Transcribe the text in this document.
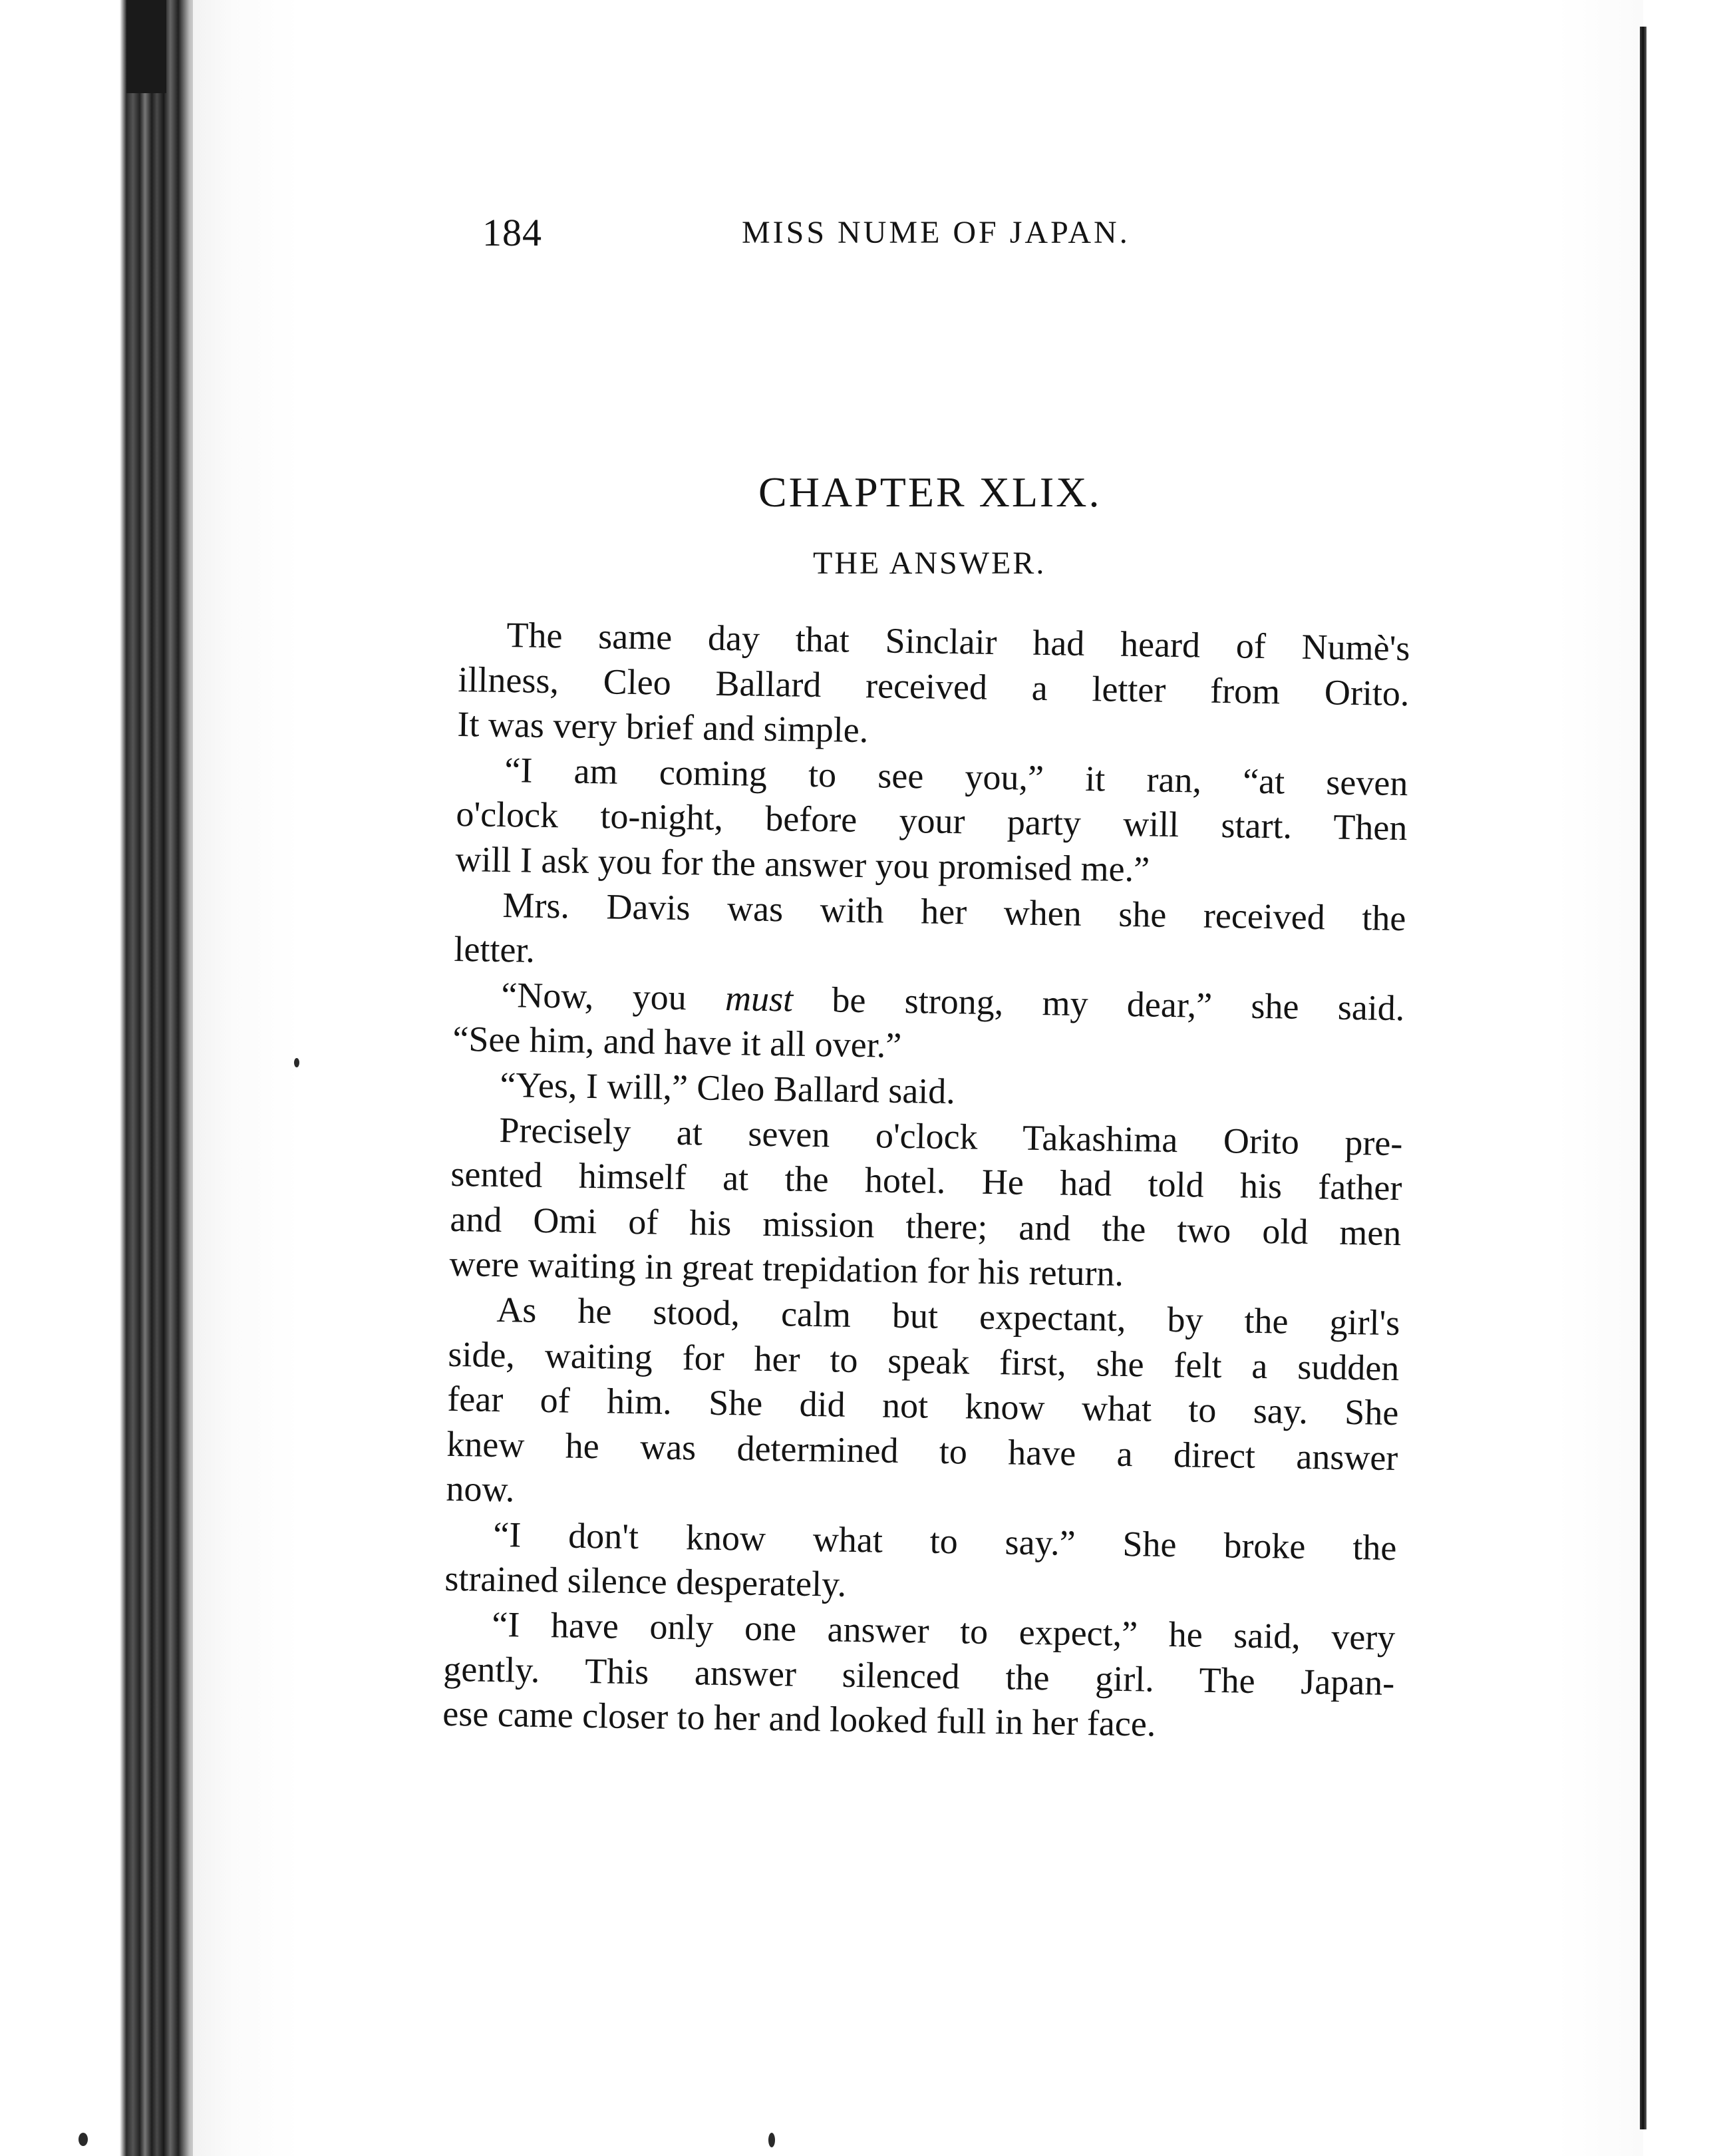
184	MISS NUME OF JAPAN.
CHAPTER XLIX.
THE ANSWER.
The same day that Sinclair had heard of Numè's
illness, Cleo Ballard received a letter from Orito.
It was very brief and simple.
“I am coming to see you,” it ran, “at seven
o'clock to-night, before your party will start. Then
will I ask you for the answer you promised me.”
Mrs. Davis was with her when she received the
letter.
“Now, you must be strong, my dear,” she said.
“See him, and have it all over.”
“Yes, I will,” Cleo Ballard said.
Precisely at seven o'clock Takashima Orito pre-
sented himself at the hotel. He had told his father
and Omi of his mission there; and the two old men
were waiting in great trepidation for his return.
As he stood, calm but expectant, by the girl's
side, waiting for her to speak first, she felt a sudden
fear of him. She did not know what to say. She
knew he was determined to have a direct answer
now.
“I don't know what to say.” She broke the
strained silence desperately.
“I have only one answer to expect,” he said, very
gently. This answer silenced the girl. The Japan-
ese came closer to her and looked full in her face.
